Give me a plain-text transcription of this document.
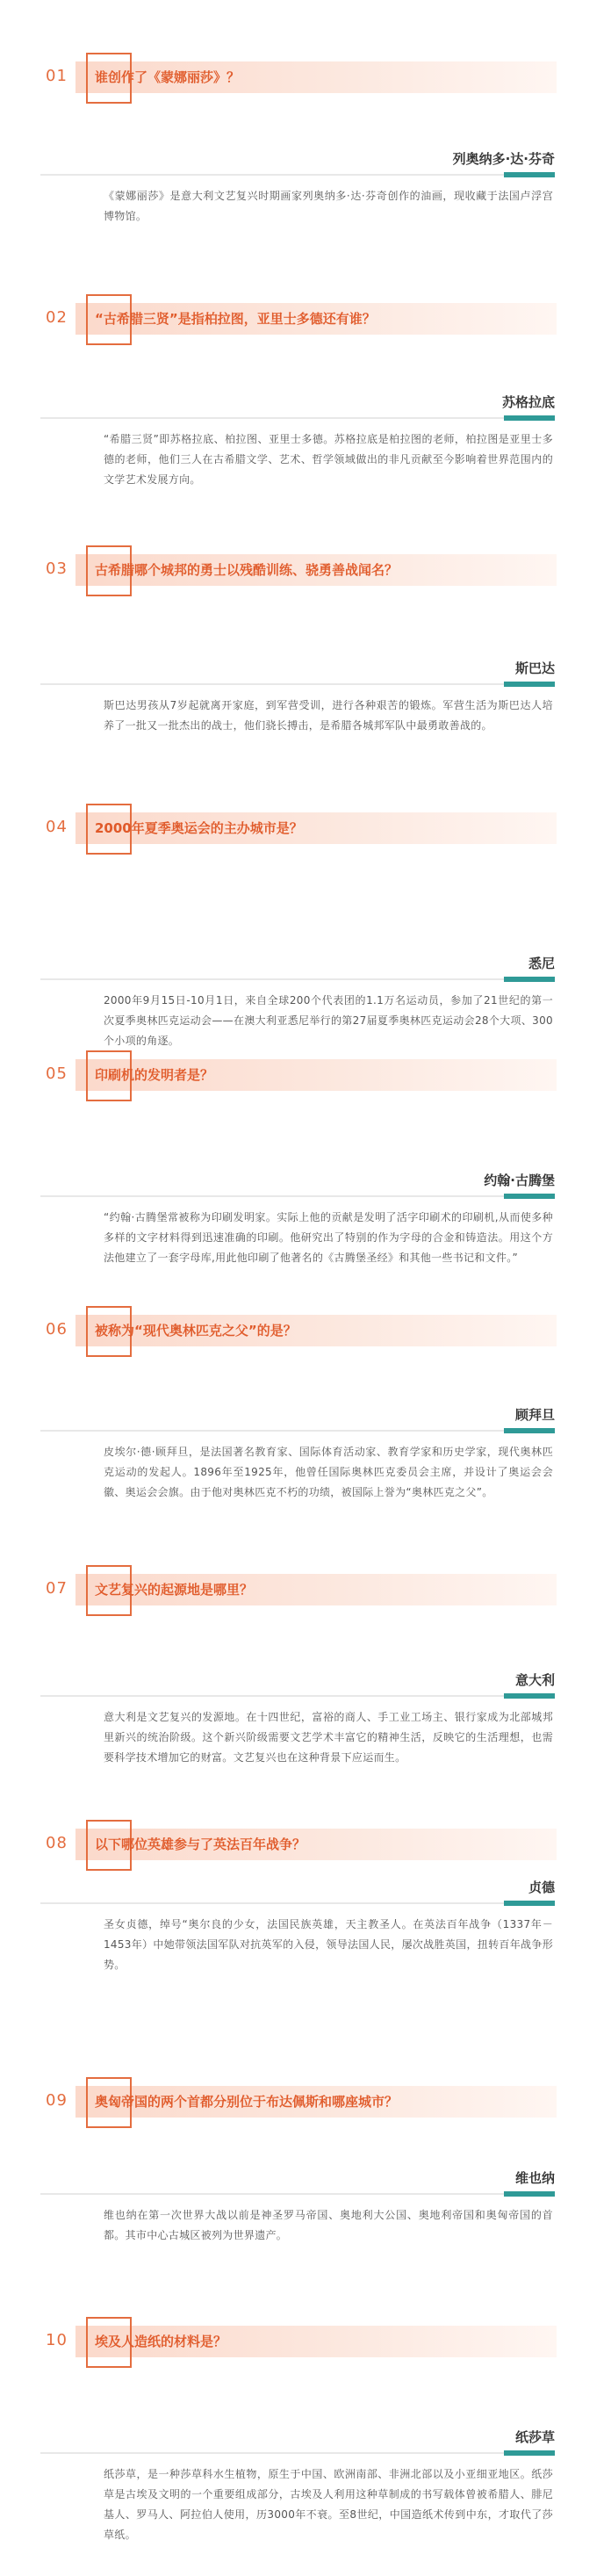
01 谁创作了《蒙娜丽莎》？
列奥纳多·达·芬奇
《蒙娜丽莎》是意大利文艺复兴时期画家列奥纳多·达·芬奇创作的油画，现收藏于法国卢浮宫博物馆。
02 “古希腊三贤”是指柏拉图，亚里士多德还有谁？
苏格拉底
“希腊三贤”即苏格拉底、柏拉图、亚里士多德。苏格拉底是柏拉图的老师，柏拉图是亚里士多德的老师，他们三人在古希腊文学、艺术、哲学领域做出的非凡贡献至今影响着世界范围内的文学艺术发展方向。
03 古希腊哪个城邦的勇士以残酷训练、骁勇善战闻名？
斯巴达
斯巴达男孩从7岁起就离开家庭，到军营受训，进行各种艰苦的锻炼。军营生活为斯巴达人培养了一批又一批杰出的战士，他们骁长搏击，是希腊各城邦军队中最勇敢善战的。
04 2000年夏季奥运会的主办城市是？
悉尼
2000年9月15日-10月1日，来自全球200个代表团的1.1万名运动员，参加了21世纪的第一次夏季奥林匹克运动会——在澳大利亚悉尼举行的第27届夏季奥林匹克运动会28个大项、300个小项的角逐。
05 印刷机的发明者是？
约翰·古腾堡
“约翰·古腾堡常被称为印刷发明家。实际上他的贡献是发明了活字印刷术的印刷机,从而使多种多样的文字材料得到迅速准确的印刷。他研究出了特别的作为字母的合金和铸造法。用这个方法他建立了一套字母库,用此他印刷了他著名的《古腾堡圣经》和其他一些书记和文件。”
06 被称为“现代奥林匹克之父”的是？
顾拜旦
皮埃尔·德·顾拜旦，是法国著名教育家、国际体育活动家、教育学家和历史学家，现代奥林匹克运动的发起人。1896年至1925年，他曾任国际奥林匹克委员会主席，并设计了奥运会会徽、奥运会会旗。由于他对奥林匹克不朽的功绩，被国际上誉为“奥林匹克之父”。
07 文艺复兴的起源地是哪里？
意大利
意大利是文艺复兴的发源地。在十四世纪，富裕的商人、手工业工场主、银行家成为北部城邦里新兴的统治阶级。这个新兴阶级需要文艺学术丰富它的精神生活，反映它的生活理想，也需要科学技术增加它的财富。文艺复兴也在这种背景下应运而生。
08 以下哪位英雄参与了英法百年战争？
贞德
圣女贞德，绰号“奥尔良的少女，法国民族英雄，天主教圣人。在英法百年战争（1337年－1453年）中她带领法国军队对抗英军的入侵，领导法国人民，屡次战胜英国，扭转百年战争形势。
09 奥匈帝国的两个首都分别位于布达佩斯和哪座城市？
维也纳
维也纳在第一次世界大战以前是神圣罗马帝国、奥地利大公国、奥地利帝国和奥匈帝国的首都。其市中心古城区被列为世界遗产。
10 埃及人造纸的材料是？
纸莎草
纸莎草，是一种莎草科水生植物，原生于中国、欧洲南部、非洲北部以及小亚细亚地区。纸莎草是古埃及文明的一个重要组成部分，古埃及人利用这种草制成的书写载体曾被希腊人、腓尼基人、罗马人、阿拉伯人使用，历3000年不衰。至8世纪，中国造纸术传到中东，才取代了莎草纸。
